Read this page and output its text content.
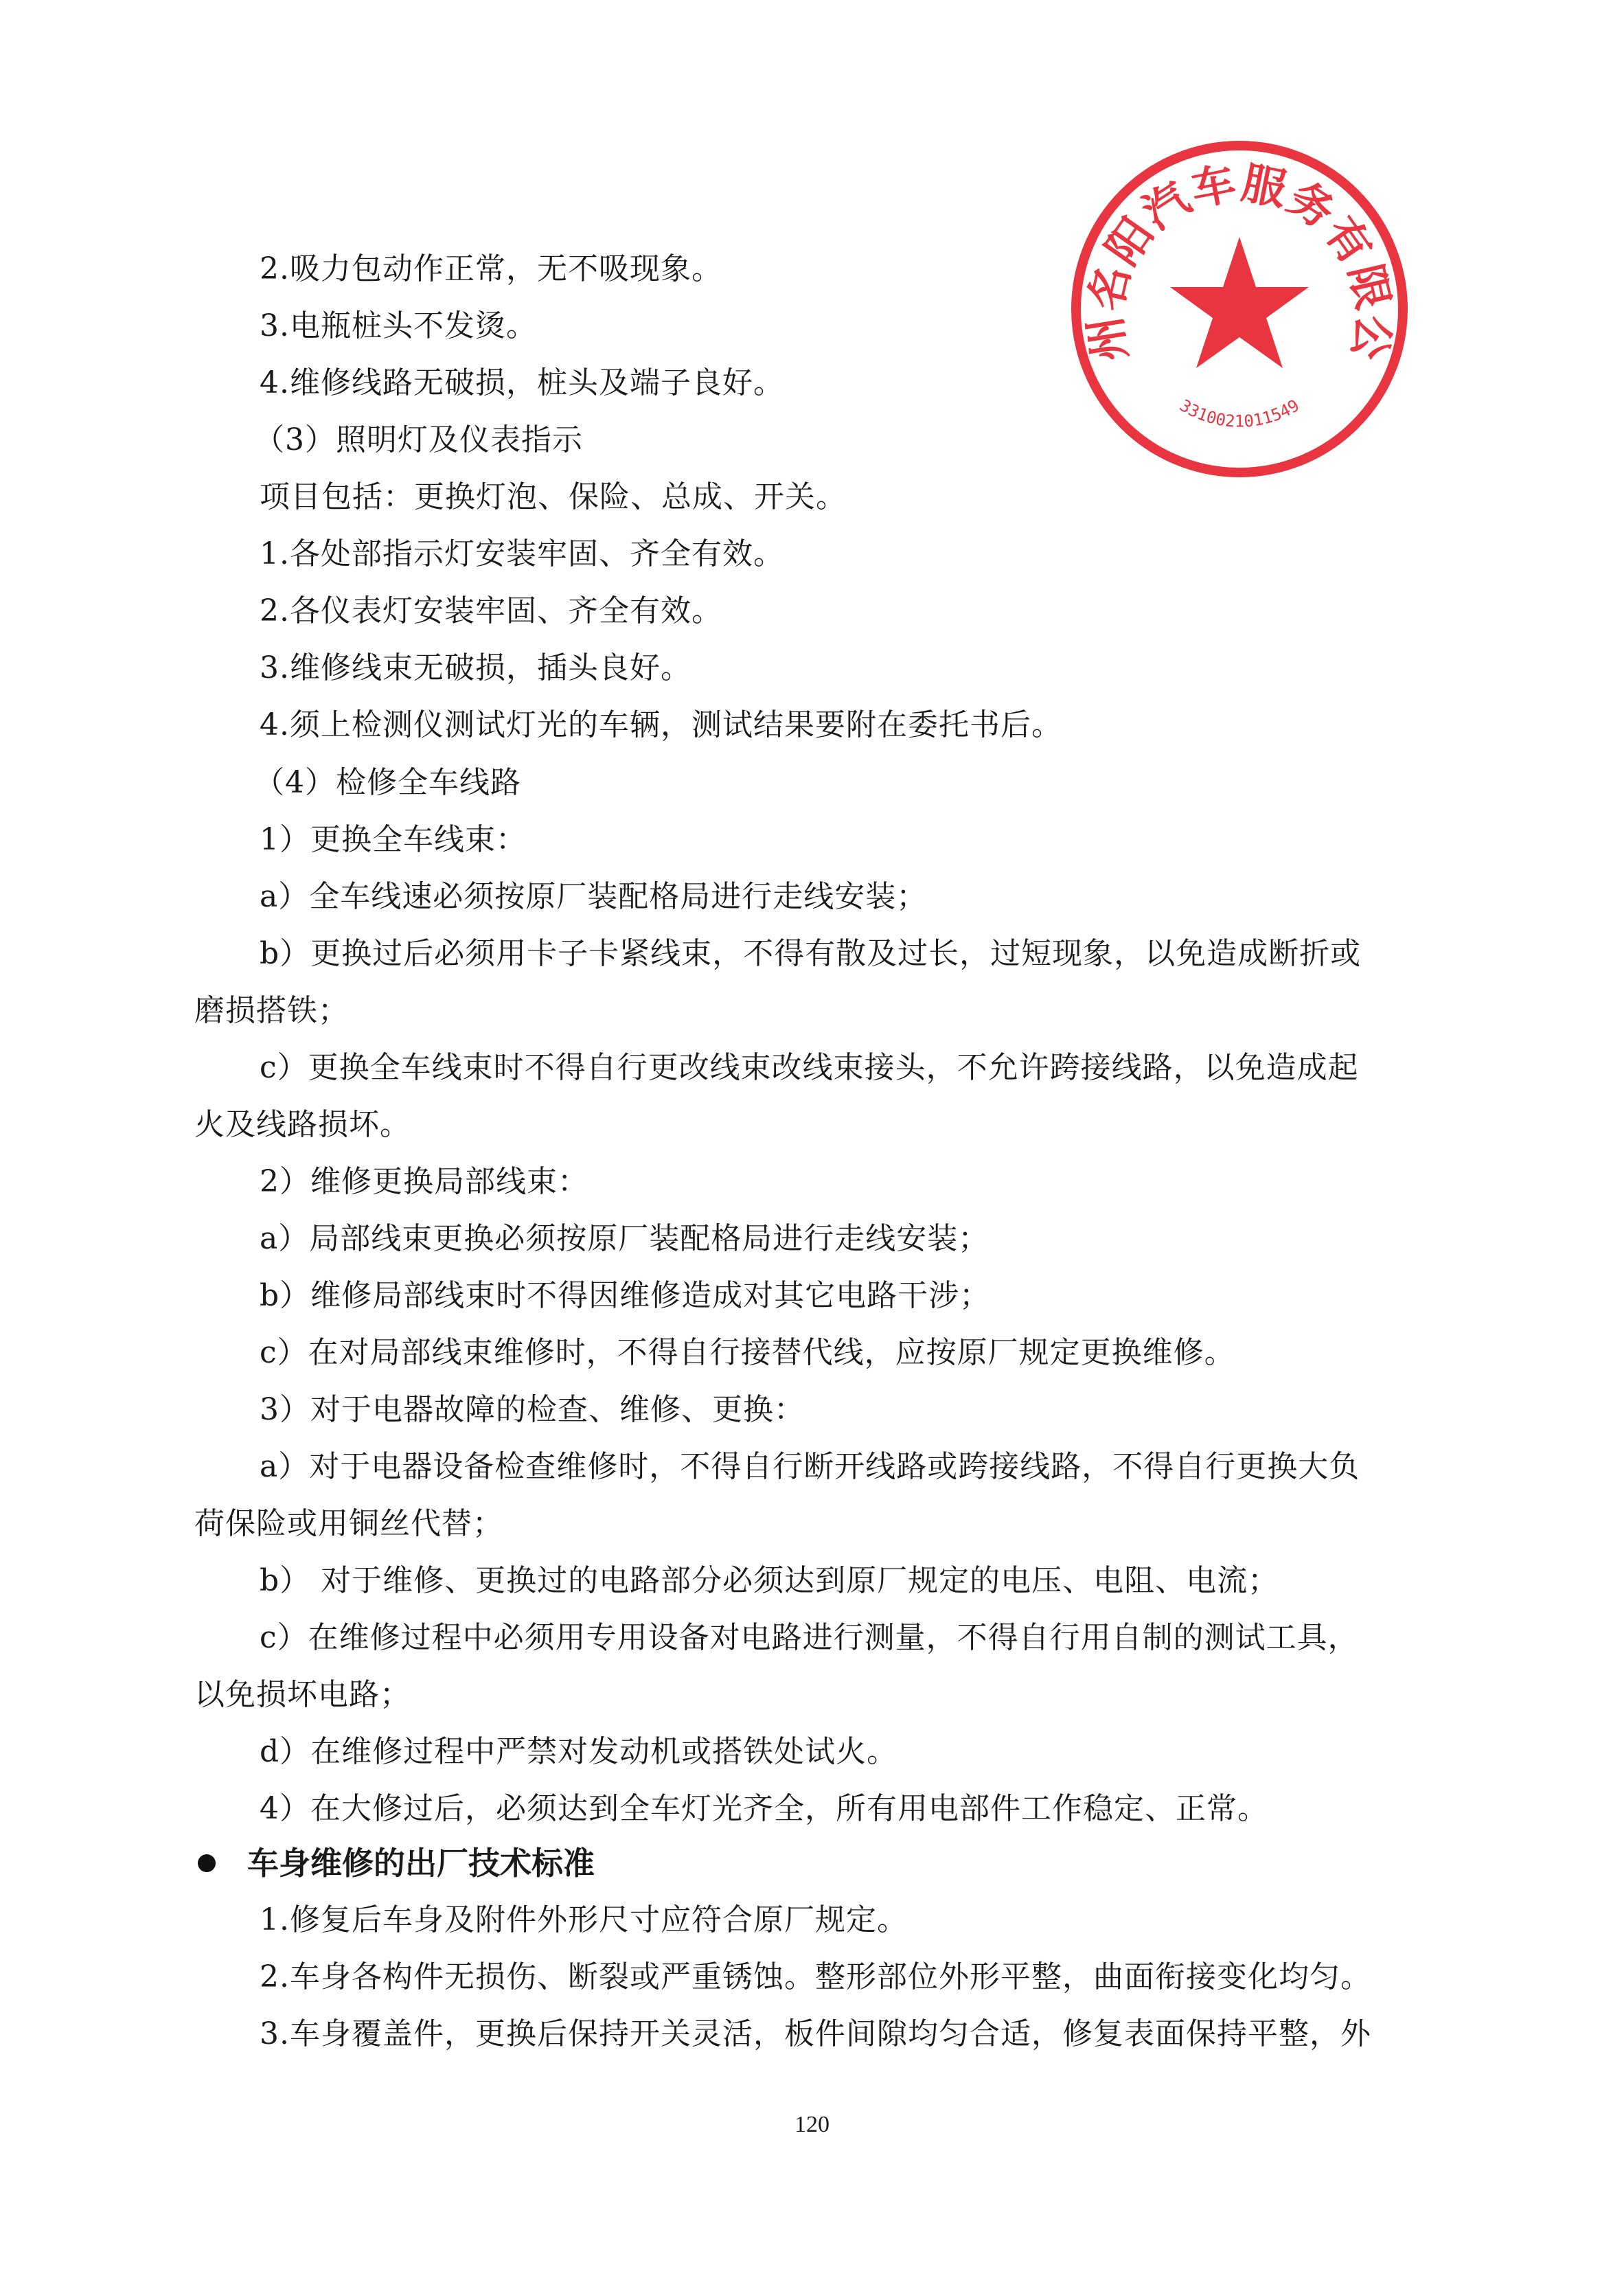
2.吸力包动作正常，无不吸现象。
3.电瓶桩头不发烫。
4.维修线路无破损，桩头及端子良好。
（3）照明灯及仪表指示
项目包括：更换灯泡、保险、总成、开关。
1.各处部指示灯安装牢固、齐全有效。
2.各仪表灯安装牢固、齐全有效。
3.维修线束无破损，插头良好。
4.须上检测仪测试灯光的车辆，测试结果要附在委托书后。
（4）检修全车线路
1）更换全车线束：
a）全车线速必须按原厂装配格局进行走线安装；
b）更换过后必须用卡子卡紧线束，不得有散及过长，过短现象，以免造成断折或
磨损搭铁；
c）更换全车线束时不得自行更改线束改线束接头，不允许跨接线路，以免造成起
火及线路损坏。
2）维修更换局部线束：
a）局部线束更换必须按原厂装配格局进行走线安装；
b）维修局部线束时不得因维修造成对其它电路干涉；
c）在对局部线束维修时，不得自行接替代线，应按原厂规定更换维修。
3）对于电器故障的检查、维修、更换：
a）对于电器设备检查维修时，不得自行断开线路或跨接线路，不得自行更换大负
荷保险或用铜丝代替；
b） 对于维修、更换过的电路部分必须达到原厂规定的电压、电阻、电流；
c）在维修过程中必须用专用设备对电路进行测量，不得自行用自制的测试工具，
以免损坏电路；
d）在维修过程中严禁对发动机或搭铁处试火。
4）在大修过后，必须达到全车灯光齐全，所有用电部件工作稳定、正常。
车身维修的出厂技术标准
1.修复后车身及附件外形尺寸应符合原厂规定。
2.车身各构件无损伤、断裂或严重锈蚀。整形部位外形平整，曲面衔接变化均匀。
3.车身覆盖件，更换后保持开关灵活，板件间隙均匀合适，修复表面保持平整，外
120
州名阳汽车服务有限公
3310021011549
